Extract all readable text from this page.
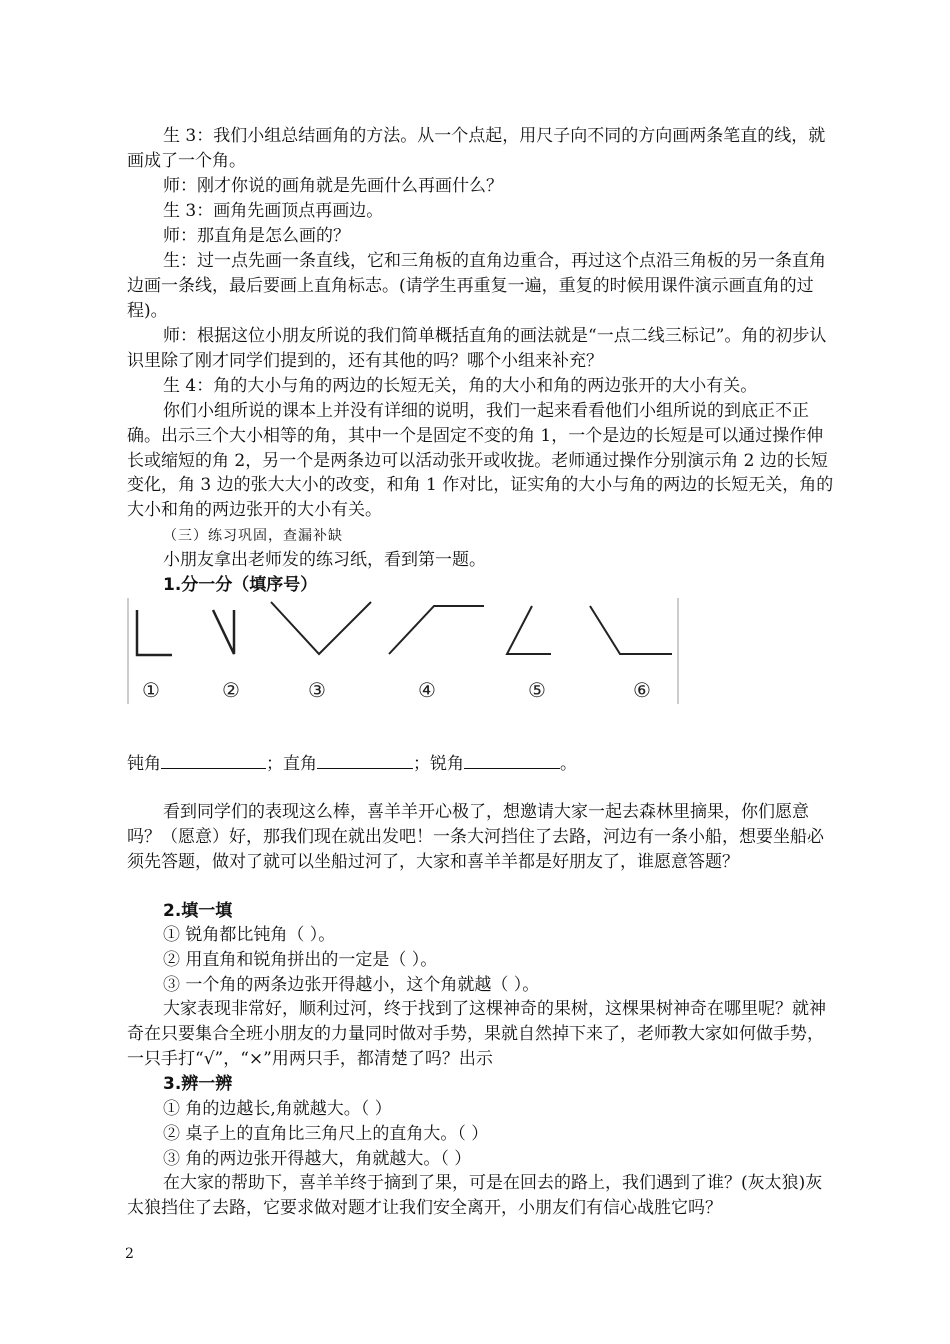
生 3：我们小组总结画角的方法。从一个点起，用尺子向不同的方向画两条笔直的线，就画成了一个角。

师：刚才你说的画角就是先画什么再画什么？

生 3：画角先画顶点再画边。

师：那直角是怎么画的？

生：过一点先画一条直线，它和三角板的直角边重合，再过这个点沿三角板的另一条直角边画一条线，最后要画上直角标志。(请学生再重复一遍，重复的时候用课件演示画直角的过程)。

师：根据这位小朋友所说的我们简单概括直角的画法就是“一点二线三标记”。角的初步认识里除了刚才同学们提到的，还有其他的吗？哪个小组来补充？

生 4：角的大小与角的两边的长短无关，角的大小和角的两边张开的大小有关。

你们小组所说的课本上并没有详细的说明，我们一起来看看他们小组所说的到底正不正确。出示三个大小相等的角，其中一个是固定不变的角 1，一个是边的长短是可以通过操作伸长或缩短的角 2，另一个是两条边可以活动张开或收拢。老师通过操作分别演示角 2 边的长短变化，角 3 边的张大大小的改变，和角 1 作对比，证实角的大小与角的两边的长短无关，角的大小和角的两边张开的大小有关。

（三）练习巩固，查漏补缺
小朋友拿出老师发的练习纸，看到第一题。
1.分一分（填序号）
①	②	③	④	⑤	⑥
钝角	；直角	；锐角	。

看到同学们的表现这么棒，喜羊羊开心极了，想邀请大家一起去森林里摘果，你们愿意吗？（愿意）好，那我们现在就出发吧！一条大河挡住了去路，河边有一条小船，想要坐船必须先答题，做对了就可以坐船过河了，大家和喜羊羊都是好朋友了，谁愿意答题？

2.填一填
① 锐角都比钝角（ ）。
② 用直角和锐角拼出的一定是（ ）。
③ 一个角的两条边张开得越小，这个角就越（ ）。

大家表现非常好，顺利过河，终于找到了这棵神奇的果树，这棵果树神奇在哪里呢？就神奇在只要集合全班小朋友的力量同时做对手势，果就自然掉下来了，老师教大家如何做手势，一只手打“√”，“×”用两只手，都清楚了吗？出示

3.辨一辨
① 角的边越长,角就越大。（ ）
② 桌子上的直角比三角尺上的直角大。（ ）
③ 角的两边张开得越大，角就越大。（ ）

在大家的帮助下，喜羊羊终于摘到了果，可是在回去的路上，我们遇到了谁？(灰太狼)灰太狼挡住了去路，它要求做对题才让我们安全离开，小朋友们有信心战胜它吗？

2
